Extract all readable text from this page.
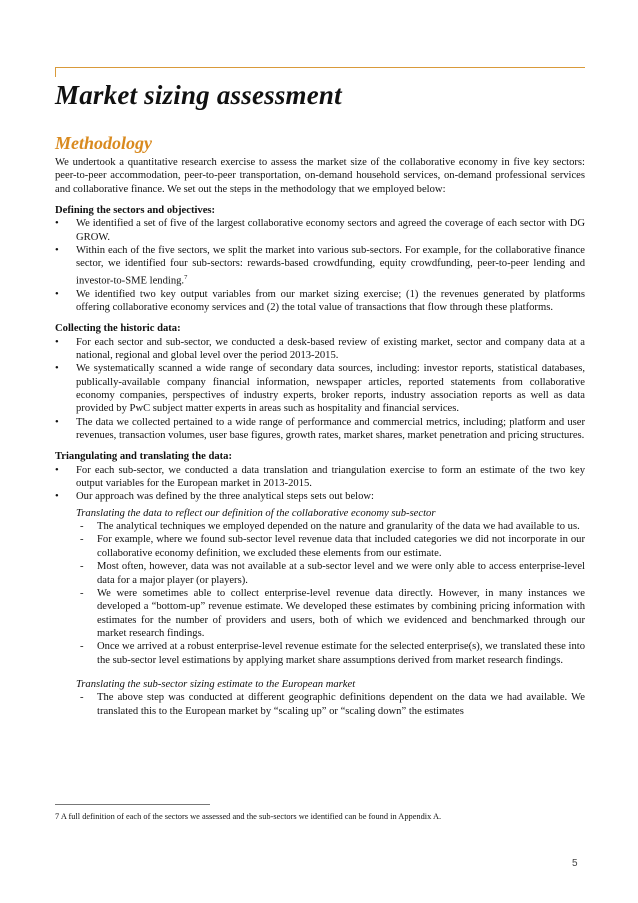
Market sizing assessment
Methodology

We undertook a quantitative research exercise to assess the market size of the collaborative economy in five key sectors: peer-to-peer accommodation, peer-to-peer transportation, on-demand household services, on-demand professional services and collaborative finance. We set out the steps in the methodology that we employed below:

Defining the sectors and objectives:

• We identified a set of five of the largest collaborative economy sectors and agreed the coverage of each sector with DG GROW.
• Within each of the five sectors, we split the market into various sub-sectors. For example, for the collaborative finance sector, we identified four sub-sectors: rewards-based crowdfunding, equity crowdfunding, peer-to-peer lending and investor-to-SME lending.$^7$
• We identified two key output variables from our market sizing exercise; (1) the revenues generated by platforms offering collaborative economy services and (2) the total value of transactions that flow through these platforms.

Collecting the historic data:

• For each sector and sub-sector, we conducted a desk-based review of existing market, sector and company data at a national, regional and global level over the period 2013-2015.
• We systematically scanned a wide range of secondary data sources, including: investor reports, statistical databases, publically-available company financial information, newspaper articles, reported statements from collaborative economy companies, perspectives of industry experts, broker reports, industry association reports as well as data provided by PwC subject matter experts in areas such as hospitality and financial services.
• The data we collected pertained to a wide range of performance and commercial metrics, including; platform and user revenues, transaction volumes, user base figures, growth rates, market shares, market penetration and pricing structures.

Triangulating and translating the data:

• For each sub-sector, we conducted a data translation and triangulation exercise to form an estimate of the two key output variables for the European market in 2013-2015.
• Our approach was defined by the three analytical steps sets out below:

Translating the data to reflect our definition of the collaborative economy sub-sector

- The analytical techniques we employed depended on the nature and granularity of the data we had available to us.
- For example, where we found sub-sector level revenue data that included categories we did not incorporate in our collaborative economy definition, we excluded these elements from our estimate.
- Most often, however, data was not available at a sub-sector level and we were only able to access enterprise-level data for a major player (or players).
- We were sometimes able to collect enterprise-level revenue data directly. However, in many instances we developed a “bottom-up” revenue estimate. We developed these estimates by combining pricing information with estimates for the number of providers and users, both of which we evidenced and benchmarked through our market research findings.
- Once we arrived at a robust enterprise-level revenue estimate for the selected enterprise(s), we translated these into the sub-sector level estimations by applying market share assumptions derived from market research findings.

Translating the sub-sector sizing estimate to the European market

- The above step was conducted at different geographic definitions dependent on the data we had available. We translated this to the European market by “scaling up” or “scaling down” the estimates
7 A full definition of each of the sectors we assessed and the sub-sectors we identified can be found in Appendix A.
5
